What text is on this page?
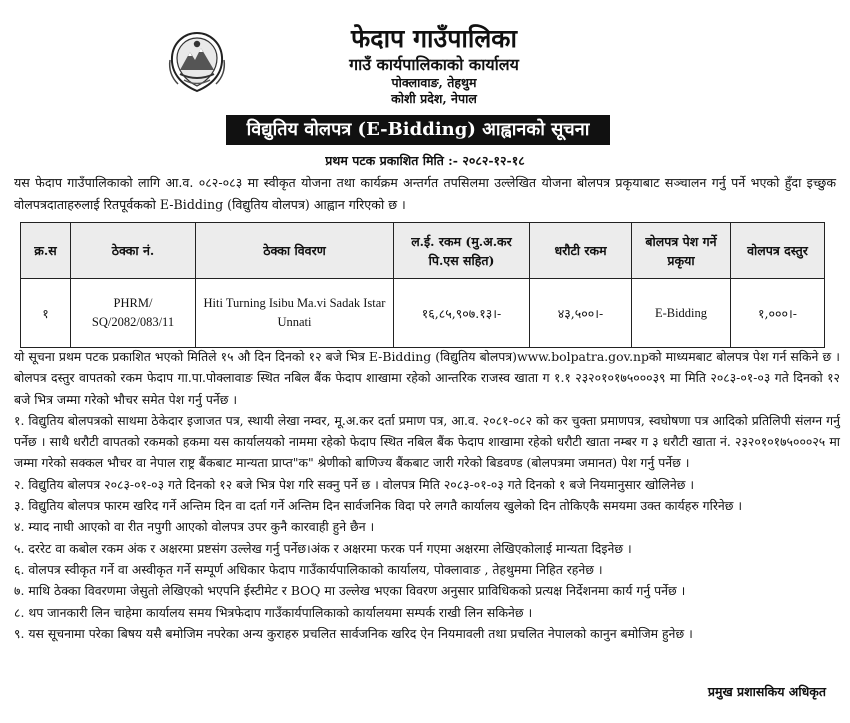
फेदाप गाउँपालिका
गाउँ कार्यपालिकाको कार्यालय
पोक्लावाङ, तेहथुम
कोशी प्रदेश, नेपाल
विद्युतिय वोलपत्र (E-Bidding) आह्वानको सूचना
प्रथम पटक प्रकाशित मिति :- २०८२-१२-१८
यस फेदाप गाउँपालिकाको लागि आ.व. ०८२-०८३ मा स्वीकृत योजना तथा कार्यक्रम अन्तर्गत तपसिलमा उल्लेखित योजना बोलपत्र प्रकृयाबाट सञ्चालन गर्नु पर्ने भएको हुँदा इच्छुक वोलपत्रदाताहरुलाई रितपूर्वकको E-Bidding (विद्युतिय वोलपत्र) आह्वान गरिएको छ ।
क्र.स	ठेक्का नं.	ठेक्का विवरण	ल.ई. रकम (मु.अ.कर पि.एस सहित)	धरौटी रकम	बोलपत्र पेश गर्ने प्रकृया	वोलपत्र दस्तुर
१	PHRM/ SQ/2082/083/11	Hiti Turning Isibu Ma.vi Sadak Istar Unnati	१६,८५,९०७.१३।-	४३,५००।-	E-Bidding	१,०००।-

यो सूचना प्रथम पटक प्रकाशित भएको मितिले १५ औ दिन दिनको १२ बजे भित्र E-Bidding (विद्युतिय बोलपत्र)www.bolpatra.gov.npको माध्यमबाट बोलपत्र पेश गर्न सकिने छ । बोलपत्र दस्तुर वापतको रकम फेदाप गा.पा.पोक्लावाङ स्थित नबिल बैंक फेदाप शाखामा रहेको आन्तरिक राजस्व खाता ग १.१ २३२०१०१७५०००३९ मा मिति २०८३-०१-०३ गते दिनको १२ बजे भित्र जम्मा गरेको भौचर समेत पेश गर्नु पर्नेछ ।

१. विद्युतिय बोलपत्रको साथमा ठेकेदार इजाजत पत्र, स्थायी लेखा नम्वर, मू.अ.कर दर्ता प्रमाण पत्र, आ.व. २०८१-०८२ को कर चुक्ता प्रमाणपत्र, स्वघोषणा पत्र आदिको प्रतिलिपी संलग्न गर्नु पर्नेछ । साथै धरौटी वापतको रकमको हकमा यस कार्यालयको नाममा रहेको फेदाप स्थित नबिल बैंक फेदाप शाखामा रहेको धरौटी खाता नम्बर ग ३ धरौटी खाता नं. २३२०१०१७५०००२५ मा जम्मा गरेको सक्कल भौचर वा नेपाल राष्ट्र बैंकबाट मान्यता प्राप्त"क" श्रेणीको बाणिज्य बैंकबाट जारी गरेको बिडवण्ड (बोलपत्रमा जमानत) पेश गर्नु पर्नेछ ।

२. विद्युतिय बोलपत्र २०८३-०१-०३ गते दिनको १२ बजे भित्र पेश गरि सक्नु पर्ने छ । वोलपत्र मिति २०८३-०१-०३ गते दिनको १ बजे नियमानुसार खोलिनेछ ।

३. विद्युतिय बोलपत्र फारम खरिद गर्ने अन्तिम दिन वा दर्ता गर्ने अन्तिम दिन सार्वजनिक विदा परे लगतै कार्यालय खुलेको दिन तोकिएकै समयमा उक्त कार्यहरु गरिनेछ ।

४. म्याद नाघी आएको वा रीत नपुगी आएको वोलपत्र उपर कुनै कारवाही हुने छैन ।

५. दररेट वा कबोल रकम अंक र अक्षरमा प्रष्टसंग उल्लेख गर्नु पर्नेछ।अंक र अक्षरमा फरक पर्न गएमा अक्षरमा लेखिएकोलाई मान्यता दिइनेछ ।

६. वोलपत्र स्वीकृत गर्ने वा अस्वीकृत गर्ने सम्पूर्ण अधिकार फेदाप गाउँकार्यपालिकाको कार्यालय, पोक्लावाङ , तेहथुममा निहित रहनेछ ।

७. माथि ठेक्का विवरणमा जेसुतो लेखिएको भएपनि ईस्टीमेट र BOQ मा उल्लेख भएका विवरण अनुसार प्राविधिकको प्रत्यक्ष निर्देशनमा कार्य गर्नु पर्नेछ ।

८. थप जानकारी लिन चाहेमा कार्यालय समय भित्रफेदाप गाउँकार्यपालिकाको कार्यालयमा सम्पर्क राखी लिन सकिनेछ ।

९. यस सूचनामा परेका बिषय यसै बमोजिम नपरेका अन्य कुराहरु प्रचलित सार्वजनिक खरिद ऐन नियमावली तथा प्रचलित नेपालको कानुन बमोजिम हुनेछ ।

प्रमुख प्रशासकिय अधिकृत
